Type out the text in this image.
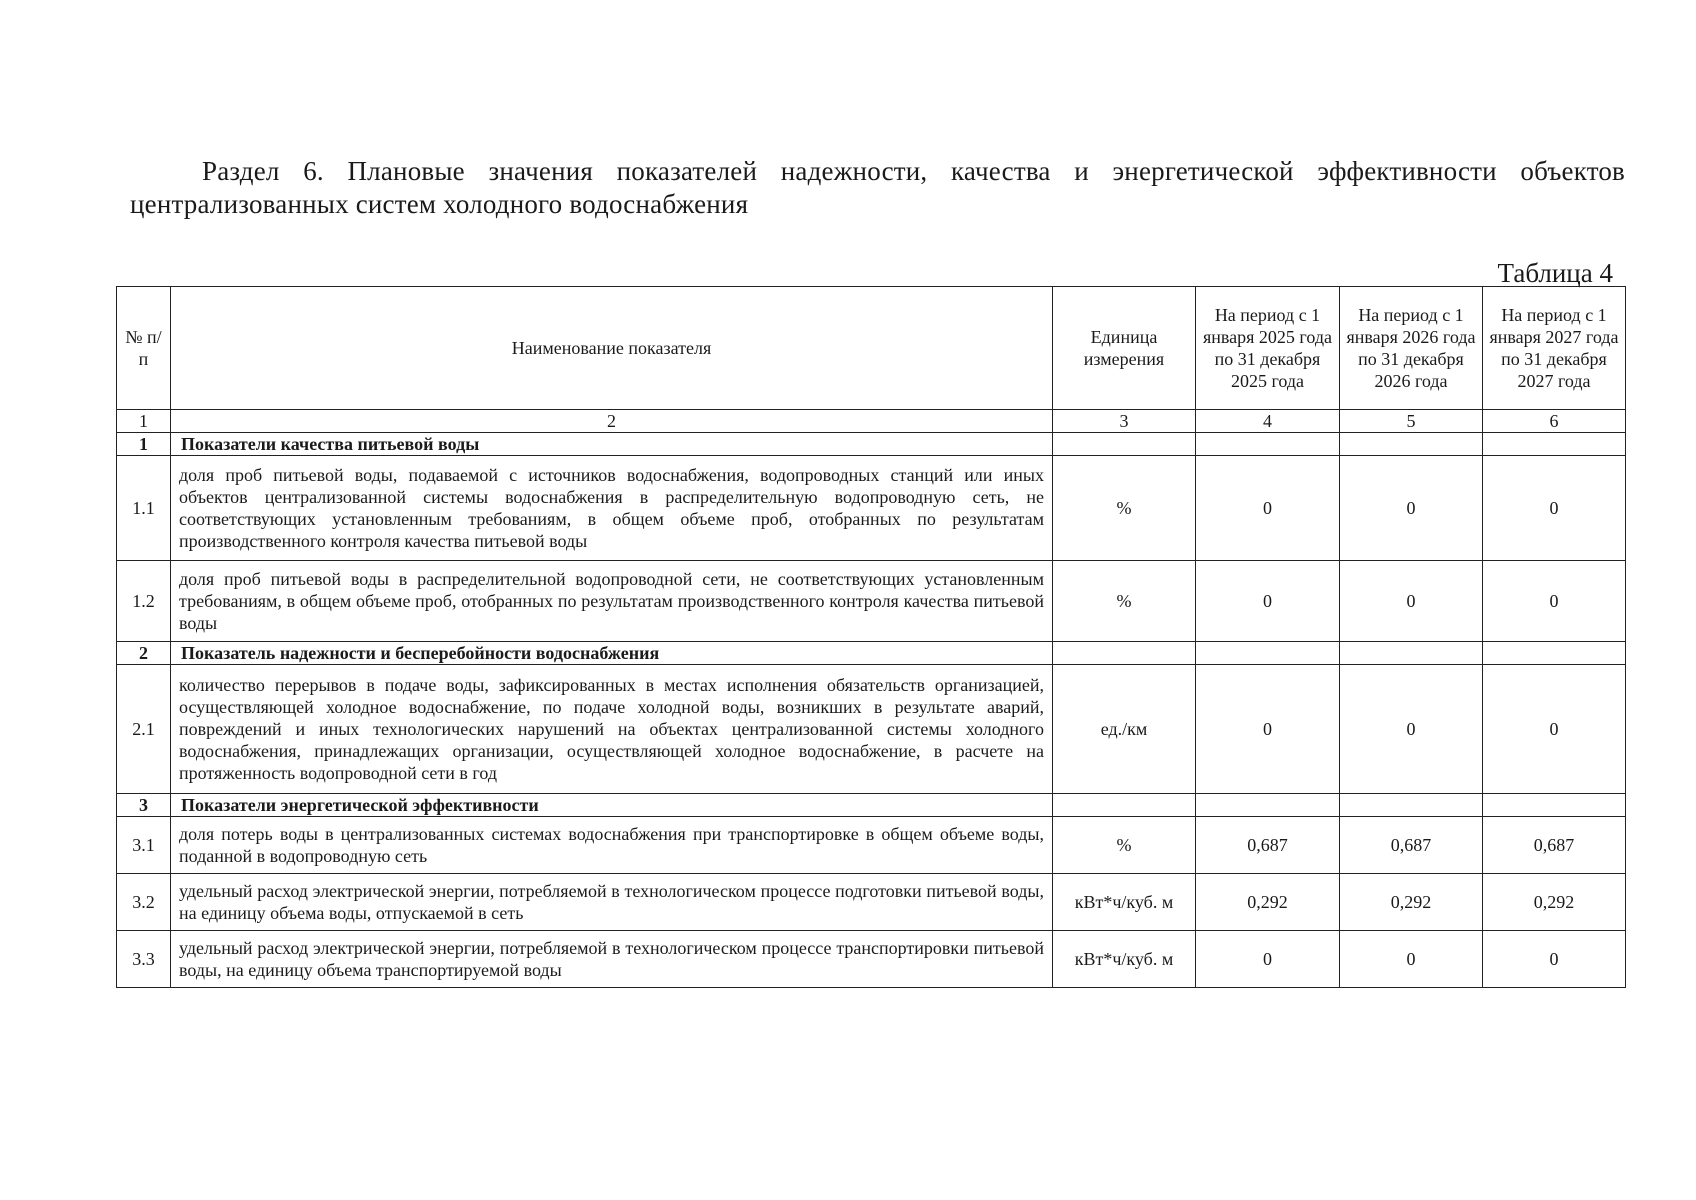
Раздел 6. Плановые значения показателей надежности, качества и энергетической эффективности объектов централизованных систем холодного водоснабжения
Таблица 4
№ п/п	Наименование показателя	Единица измерения	На период с 1 января 2025 года по 31 декабря 2025 года	На период с 1 января 2026 года по 31 декабря 2026 года	На период с 1 января 2027 года по 31 декабря 2027 года
1	2	3	4	5	6
1	Показатели качества питьевой воды				
1.1	доля проб питьевой воды, подаваемой с источников водоснабжения, водопроводных станций или иных объектов централизованной системы водоснабжения в распределительную водопроводную сеть, не соответствующих установленным требованиям, в общем объеме проб, отобранных по результатам производственного контроля качества питьевой воды	%	0	0	0
1.2	доля проб питьевой воды в распределительной водопроводной сети, не соответствующих установленным требованиям, в общем объеме проб, отобранных по результатам производственного контроля качества питьевой воды	%	0	0	0
2	Показатель надежности и бесперебойности водоснабжения				
2.1	количество перерывов в подаче воды, зафиксированных в местах исполнения обязательств организацией, осуществляющей холодное водоснабжение, по подаче холодной воды, возникших в результате аварий, повреждений и иных технологических нарушений на объектах централизованной системы холодного водоснабжения, принадлежащих организации, осуществляющей холодное водоснабжение, в расчете на протяженность водопроводной сети в год	ед./км	0	0	0
3	Показатели энергетической эффективности				
3.1	доля потерь воды в централизованных системах водоснабжения при транспортировке в общем объеме воды, поданной в водопроводную сеть	%	0,687	0,687	0,687
3.2	удельный расход электрической энергии, потребляемой в технологическом процессе подготовки питьевой воды, на единицу объема воды, отпускаемой в сеть	кВт*ч/куб. м	0,292	0,292	0,292
3.3	удельный расход электрической энергии, потребляемой в технологическом процессе транспортировки питьевой воды, на единицу объема транспортируемой воды	кВт*ч/куб. м	0	0	0
